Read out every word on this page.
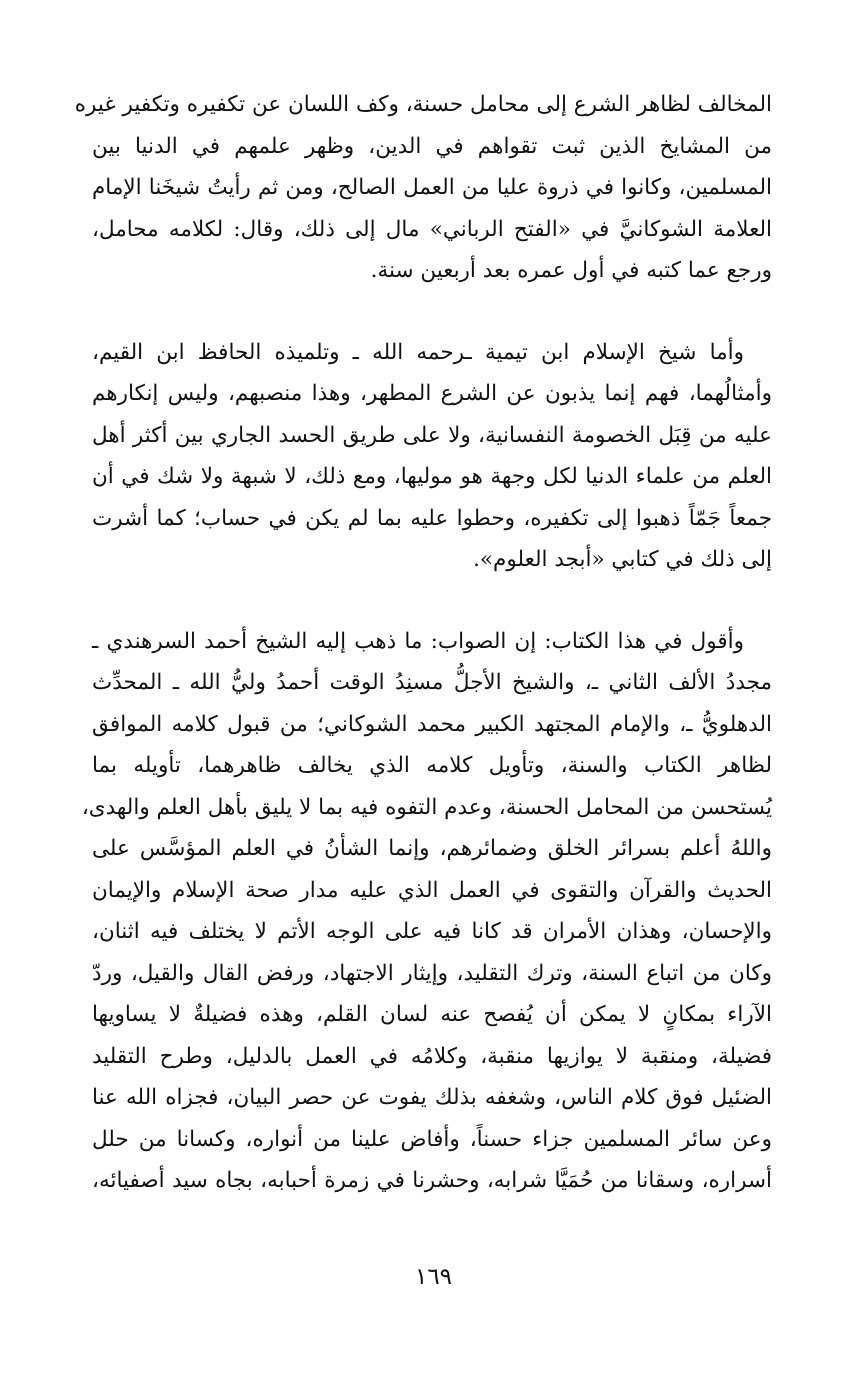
المخالف لظاهر الشرع إلى محامل حسنة، وكف اللسان عن تكفيره وتكفير غيره
من المشايخ الذين ثبت تقواهم في الدين، وظهر علمهم في الدنيا بين
المسلمين، وكانوا في ذروة عليا من العمل الصالح، ومن ثم رأيتُ شيخَنا الإمام
العلامة الشوكانيَّ في «الفتح الرباني» مال إلى ذلك، وقال: لكلامه محامل،
ورجع عما كتبه في أول عمره بعد أربعين سنة.

وأما شيخ الإسلام ابن تيمية ـرحمه الله ـ وتلميذه الحافظ ابن القيم،
وأمثالُهما، فهم إنما يذبون عن الشرع المطهر، وهذا منصبهم، وليس إنكارهم
عليه من قِبَل الخصومة النفسانية، ولا على طريق الحسد الجاري بين أكثر أهل
العلم من علماء الدنيا لكل وجهة هو موليها، ومع ذلك، لا شبهة ولا شك في أن
جمعاً جَمّاً ذهبوا إلى تكفيره، وحطوا عليه بما لم يكن في حساب؛ كما أشرت
إلى ذلك في كتابي «أبجد العلوم».

وأقول في هذا الكتاب: إن الصواب: ما ذهب إليه الشيخ أحمد السرهندي ـ
مجددُ الألف الثاني ـ، والشيخ الأجلُّ مسنِدُ الوقت أحمدُ وليُّ الله ـ المحدِّث
الدهلويُّ ـ، والإمام المجتهد الكبير محمد الشوكاني؛ من قبول كلامه الموافق
لظاهر الكتاب والسنة، وتأويل كلامه الذي يخالف ظاهرهما، تأويله بما
يُستحسن من المحامل الحسنة، وعدم التفوه فيه بما لا يليق بأهل العلم والهدى،
واللهُ أعلم بسرائر الخلق وضمائرهم، وإنما الشأنُ في العلم المؤسَّس على
الحديث والقرآن والتقوى في العمل الذي عليه مدار صحة الإسلام والإيمان
والإحسان، وهذان الأمران قد كانا فيه على الوجه الأتم لا يختلف فيه اثنان،
وكان من اتباع السنة، وترك التقليد، وإيثار الاجتهاد، ورفض القال والقيل، وردّ
الآراء بمكانٍ لا يمكن أن يُفصح عنه لسان القلم، وهذه فضيلةٌ لا يساويها
فضيلة، ومنقبة لا يوازيها منقبة، وكلامُه في العمل بالدليل، وطرح التقليد
الضئيل فوق كلام الناس، وشغفه بذلك يفوت عن حصر البيان، فجزاه الله عنا
وعن سائر المسلمين جزاء حسناً، وأفاض علينا من أنواره، وكسانا من حلل
أسراره، وسقانا من حُمَيَّا شرابه، وحشرنا في زمرة أحبابه، بجاه سيد أصفيائه،

١٦٩
